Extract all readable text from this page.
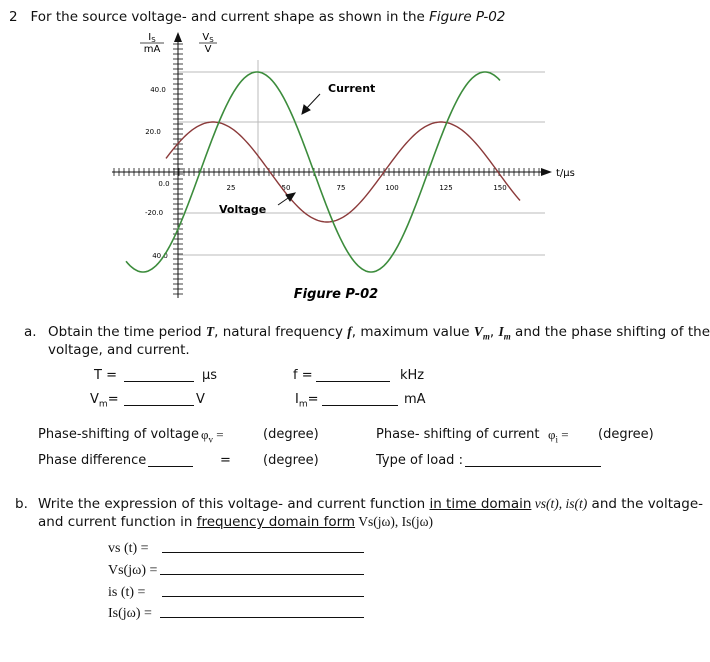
2 For the source voltage- and current shape as shown in the Figure P-02
$I_S$
mA
$V_S$
V
t/µs
40.0
20.0
0.0
-20.0
40.0
25	50	75	100	125	150
Current
Voltage
Figure P-02
a. Obtain the time period T, natural frequency f, maximum value $V_m$, $I_m$ and the phase shifting of the
voltage, and current.
T =	µs	f =	kHz
$V_m=$	V	$I_m=$	mA
Phase-shifting of voltage $\varphi_v$ =	(degree)	Phase- shifting of current $\varphi_i$ = (degree)
Phase difference	= (degree)	Type of load :
b. Write the expression of this voltage- and current function in time domain vs(t), is(t) and the voltage-
and current function in frequency domain form Vs(jω), Is(jω)
vs (t) =
Vs(jω) =
is (t) =
Is(jω) =
